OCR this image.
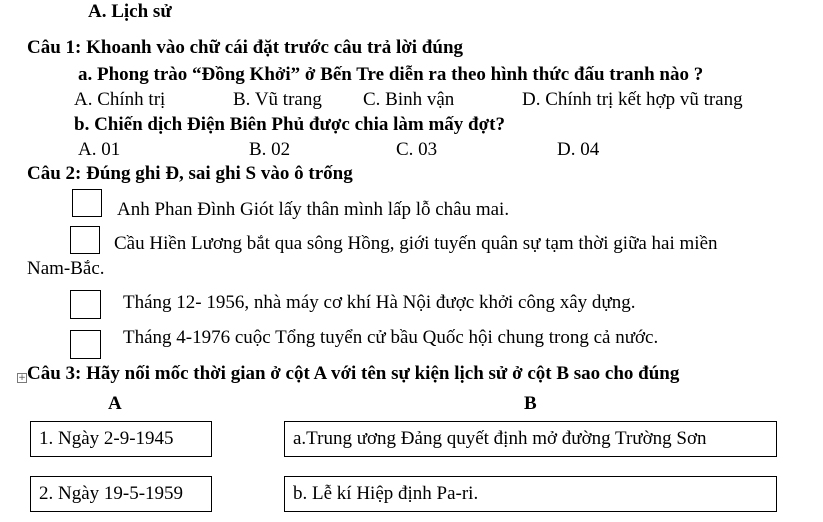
A. Lịch sử
Câu 1: Khoanh vào chữ cái đặt trước câu trả lời đúng
a. Phong trào “Đồng Khởi” ở Bến Tre diễn ra theo hình thức đấu tranh nào ?
A. Chính trị	B. Vũ trang C. Binh vận	D. Chính trị kết hợp vũ trang
b. Chiến dịch Điện Biên Phủ được chia làm mấy đợt?
A. 01	B. 02	C. 03	D. 04
Câu 2: Đúng ghi Đ, sai ghi S vào ô trống
Anh Phan Đình Giót lấy thân mình lấp lỗ châu mai.
Cầu Hiền Lương bắt qua sông Hồng, giới tuyến quân sự tạm thời giữa hai miền
Nam-Bắc.
Tháng 12- 1956, nhà máy cơ khí Hà Nội được khởi công xây dựng.
Tháng 4-1976 cuộc Tổng tuyển cử bầu Quốc hội chung trong cả nước.
+ Câu 3: Hãy nối mốc thời gian ở cột A với tên sự kiện lịch sử ở cột B sao cho đúng
A	B
1. Ngày 2-9-1945	a.Trung ương Đảng quyết định mở đường Trường Sơn
2. Ngày 19-5-1959	b. Lễ kí Hiệp định Pa-ri.
